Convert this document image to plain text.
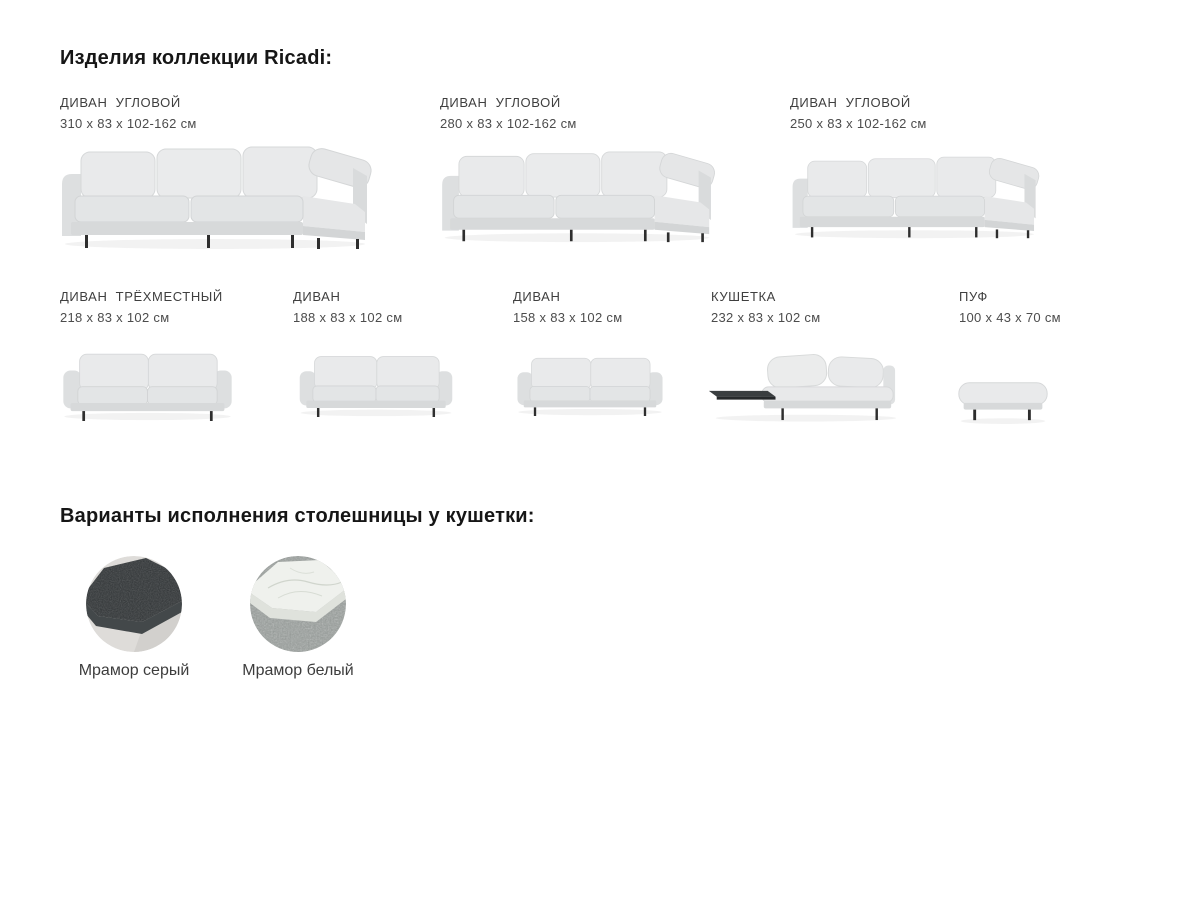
Изделия коллекции Ricadi:
ДИВАН УГЛОВОЙ
310 x 83 x 102-162 см
ДИВАН УГЛОВОЙ
280 x 83 x 102-162 см
ДИВАН УГЛОВОЙ
250 x 83 x 102-162 см
ДИВАН ТРЁХМЕСТНЫЙ
218 x 83 x 102 см
ДИВАН
188 x 83 x 102 см
ДИВАН
158 x 83 x 102 см
КУШЕТКА
232 x 83 x 102 см
ПУФ
100 x 43 x 70 см
Варианты исполнения столешницы у кушетки:
Мрамор серый	Мрамор белый
